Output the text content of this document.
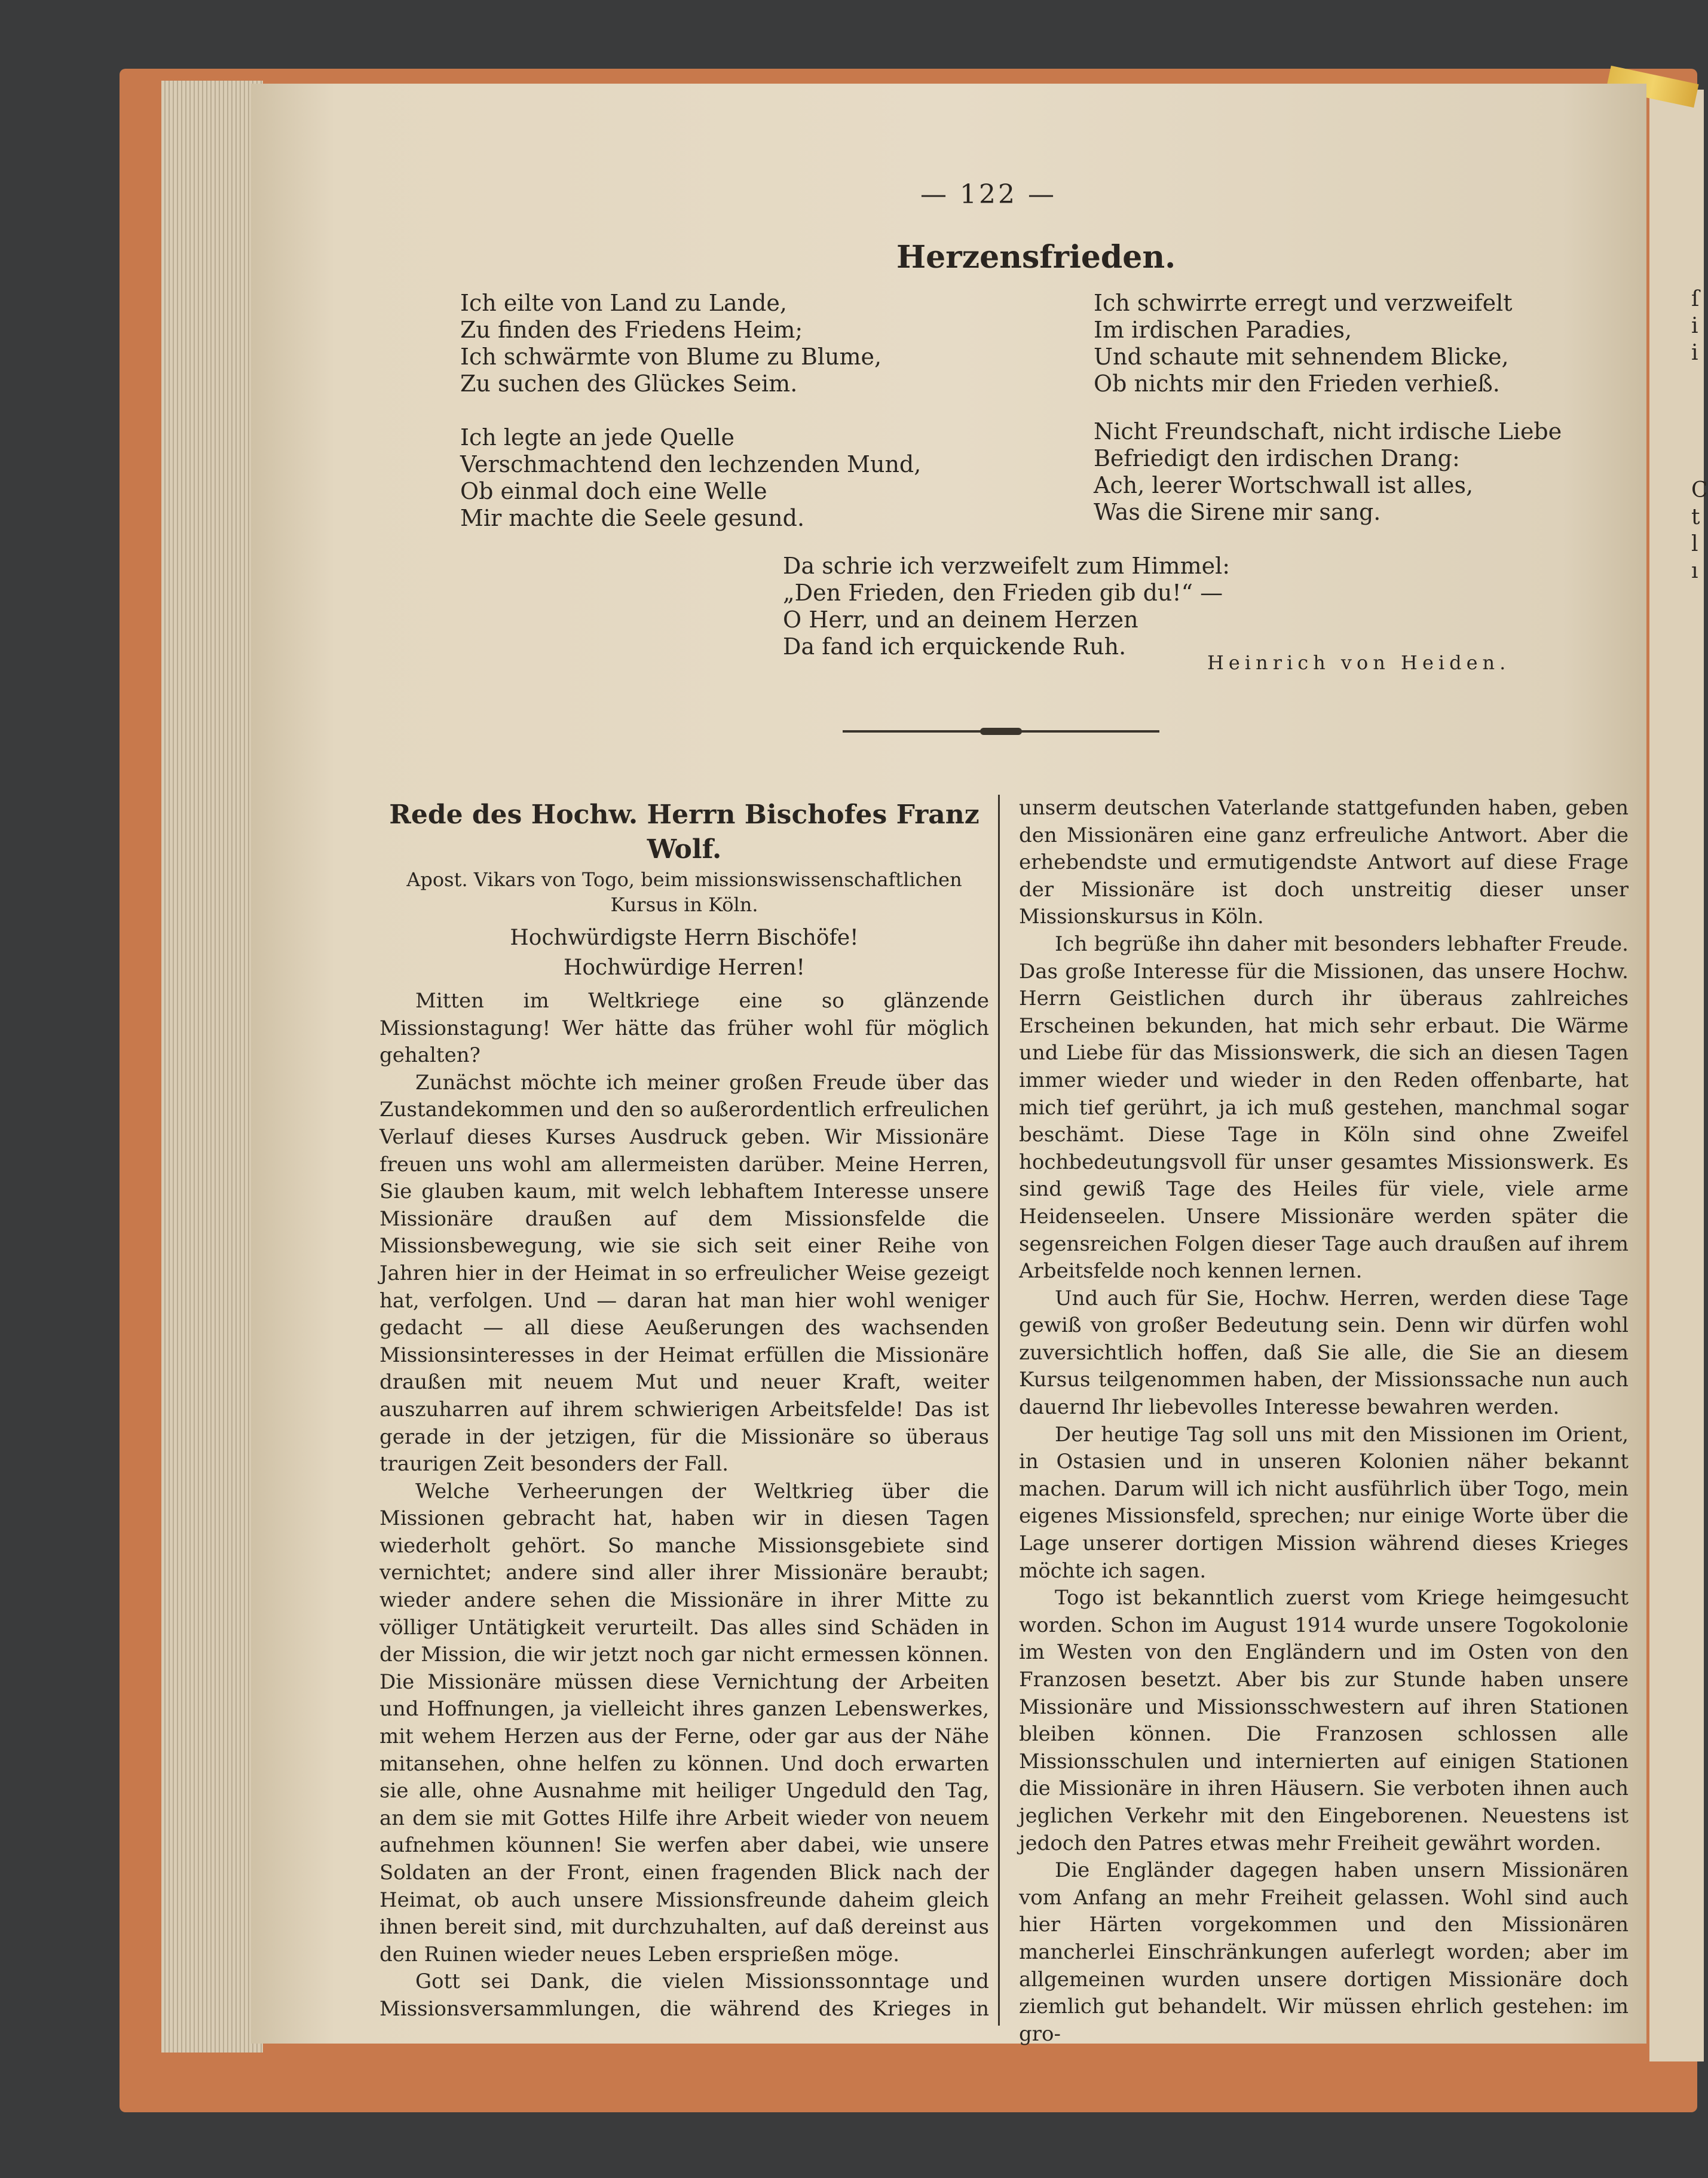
ſ
i
i
C
t
l
ı
— 122 —
Herzensfrieden.
Ich eilte von Land zu Lande,
Zu finden des Friedens Heim;
Ich schwärmte von Blume zu Blume,
Zu suchen des Glückes Seim.
Ich legte an jede Quelle
Verschmachtend den lechzenden Mund,
Ob einmal doch eine Welle
Mir machte die Seele gesund.
Ich schwirrte erregt und verzweifelt
Im irdischen Paradies,
Und schaute mit sehnendem Blicke,
Ob nichts mir den Frieden verhieß.
Nicht Freundschaft, nicht irdische Liebe
Befriedigt den irdischen Drang:
Ach, leerer Wortschwall ist alles,
Was die Sirene mir sang.
Da schrie ich verzweifelt zum Himmel:
„Den Frieden, den Frieden gib du!“ —
O Herr, und an deinem Herzen
Da fand ich erquickende Ruh.
Heinrich von Heiden.

Rede des Hochw. Herrn Bischofes Franz Wolf.

Apost. Vikars von Togo, beim missionswissenschaftlichen Kursus in Köln.

Hochwürdigste Herrn Bischöfe!

Hochwürdige Herren!

Mitten im Weltkriege eine so glänzende Missionstagung! Wer hätte das früher wohl für möglich gehalten?

Zunächst möchte ich meiner großen Freude über das Zustandekommen und den so außerordentlich erfreulichen Verlauf dieses Kurses Ausdruck geben. Wir Missionäre freuen uns wohl am allermeisten darüber. Meine Herren, Sie glauben kaum, mit welch lebhaftem Interesse unsere Missionäre draußen auf dem Missionsfelde die Missionsbewegung, wie sie sich seit einer Reihe von Jahren hier in der Heimat in so erfreulicher Weise gezeigt hat, verfolgen. Und — daran hat man hier wohl weniger gedacht — all diese Aeußerungen des wachsenden Missionsinteresses in der Heimat erfüllen die Missionäre draußen mit neuem Mut und neuer Kraft, weiter auszuharren auf ihrem schwierigen Arbeitsfelde! Das ist gerade in der jetzigen, für die Missionäre so überaus traurigen Zeit besonders der Fall.

Welche Verheerungen der Weltkrieg über die Missionen gebracht hat, haben wir in diesen Tagen wiederholt gehört. So manche Missionsgebiete sind vernichtet; andere sind aller ihrer Missionäre beraubt; wieder andere sehen die Missionäre in ihrer Mitte zu völliger Untätigkeit verurteilt. Das alles sind Schäden in der Mission, die wir jetzt noch gar nicht ermessen können. Die Missionäre müssen diese Vernichtung der Arbeiten und Hoffnungen, ja vielleicht ihres ganzen Lebenswerkes, mit wehem Herzen aus der Ferne, oder gar aus der Nähe mitansehen, ohne helfen zu können. Und doch erwarten sie alle, ohne Ausnahme mit heiliger Ungeduld den Tag, an dem sie mit Gottes Hilfe ihre Arbeit wieder von neuem aufnehmen köunnen! Sie werfen aber dabei, wie unsere Soldaten an der Front, einen fragenden Blick nach der Heimat, ob auch unsere Missionsfreunde daheim gleich ihnen bereit sind, mit durchzuhalten, auf daß dereinst aus den Ruinen wieder neues Leben ersprießen möge.

Gott sei Dank, die vielen Missionssonntage und Missionsversammlungen, die während des Krieges in

unserm deutschen Vaterlande stattgefunden haben, geben den Missionären eine ganz erfreuliche Antwort. Aber die erhebendste und ermutigendste Antwort auf diese Frage der Missionäre ist doch unstreitig dieser unser Missionskursus in Köln.

Ich begrüße ihn daher mit besonders lebhafter Freude. Das große Interesse für die Missionen, das unsere Hochw. Herrn Geistlichen durch ihr überaus zahlreiches Erscheinen bekunden, hat mich sehr erbaut. Die Wärme und Liebe für das Missionswerk, die sich an diesen Tagen immer wieder und wieder in den Reden offenbarte, hat mich tief gerührt, ja ich muß gestehen, manchmal sogar beschämt. Diese Tage in Köln sind ohne Zweifel hochbedeutungsvoll für unser gesamtes Missionswerk. Es sind gewiß Tage des Heiles für viele, viele arme Heidenseelen. Unsere Missionäre werden später die segensreichen Folgen dieser Tage auch draußen auf ihrem Arbeitsfelde noch kennen lernen.

Und auch für Sie, Hochw. Herren, werden diese Tage gewiß von großer Bedeutung sein. Denn wir dürfen wohl zuversichtlich hoffen, daß Sie alle, die Sie an diesem Kursus teilgenommen haben, der Missionssache nun auch dauernd Ihr liebevolles Interesse bewahren werden.

Der heutige Tag soll uns mit den Missionen im Orient, in Ostasien und in unseren Kolonien näher bekannt machen. Darum will ich nicht ausführlich über Togo, mein eigenes Missionsfeld, sprechen; nur einige Worte über die Lage unserer dortigen Mission während dieses Krieges möchte ich sagen.

Togo ist bekanntlich zuerst vom Kriege heimgesucht worden. Schon im August 1914 wurde unsere Togokolonie im Westen von den Engländern und im Osten von den Franzosen besetzt. Aber bis zur Stunde haben unsere Missionäre und Missionsschwestern auf ihren Stationen bleiben können. Die Franzosen schlossen alle Missionsschulen und internierten auf einigen Stationen die Missionäre in ihren Häusern. Sie verboten ihnen auch jeglichen Verkehr mit den Eingeborenen. Neuestens ist jedoch den Patres etwas mehr Freiheit gewährt worden.

Die Engländer dagegen haben unsern Missionären vom Anfang an mehr Freiheit gelassen. Wohl sind auch hier Härten vorgekommen und den Missionären mancherlei Einschränkungen auferlegt worden; aber im allgemeinen wurden unsere dortigen Missionäre doch ziemlich gut behandelt. Wir müssen ehrlich gestehen: im gro-
